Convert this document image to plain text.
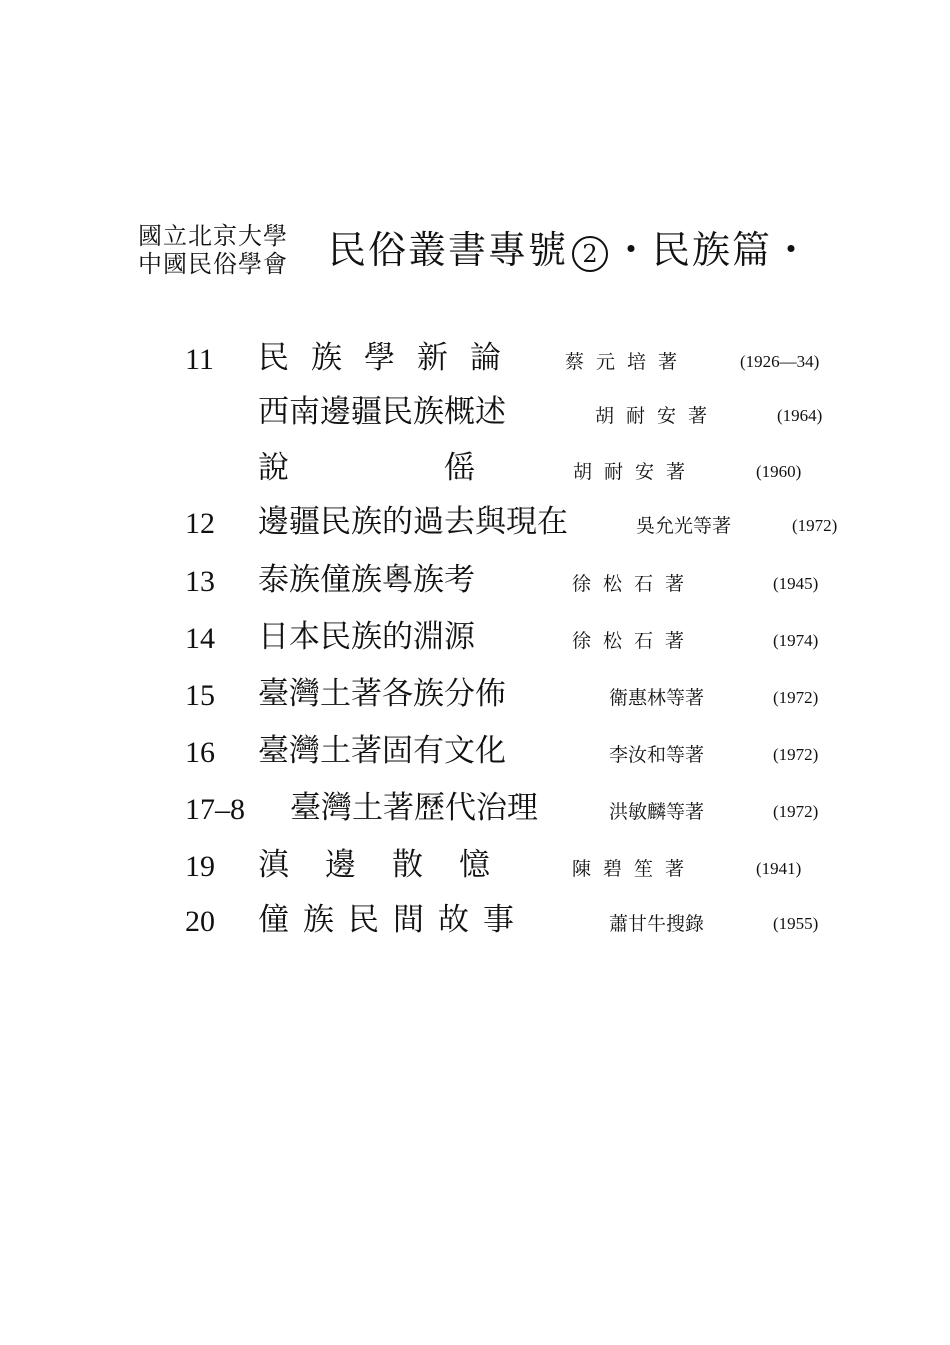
國立北京大學
中國民俗學會 民俗叢書專號 2 ・民族篇・
11 民族學新論 蔡元培著	(1926—34)
西南邊疆民族概述	胡耐安著	(1964)
說　　　　　傜	胡耐安著	(1960)
12 邊疆民族的過去與現在	吳允光等著	(1972)
13 泰族僮族粵族考	徐松石著	(1945)
14 日本民族的淵源	徐松石著	(1974)
15 臺灣土著各族分佈	衛惠林等著	(1972)
16 臺灣土著固有文化	李汝和等著	(1972)
17–8 臺灣土著歷代治理	洪敏麟等著	(1972)
19 滇邊散憶 陳碧笙著	(1941)
20 僮族民間故事	蕭甘牛搜錄	(1955)
